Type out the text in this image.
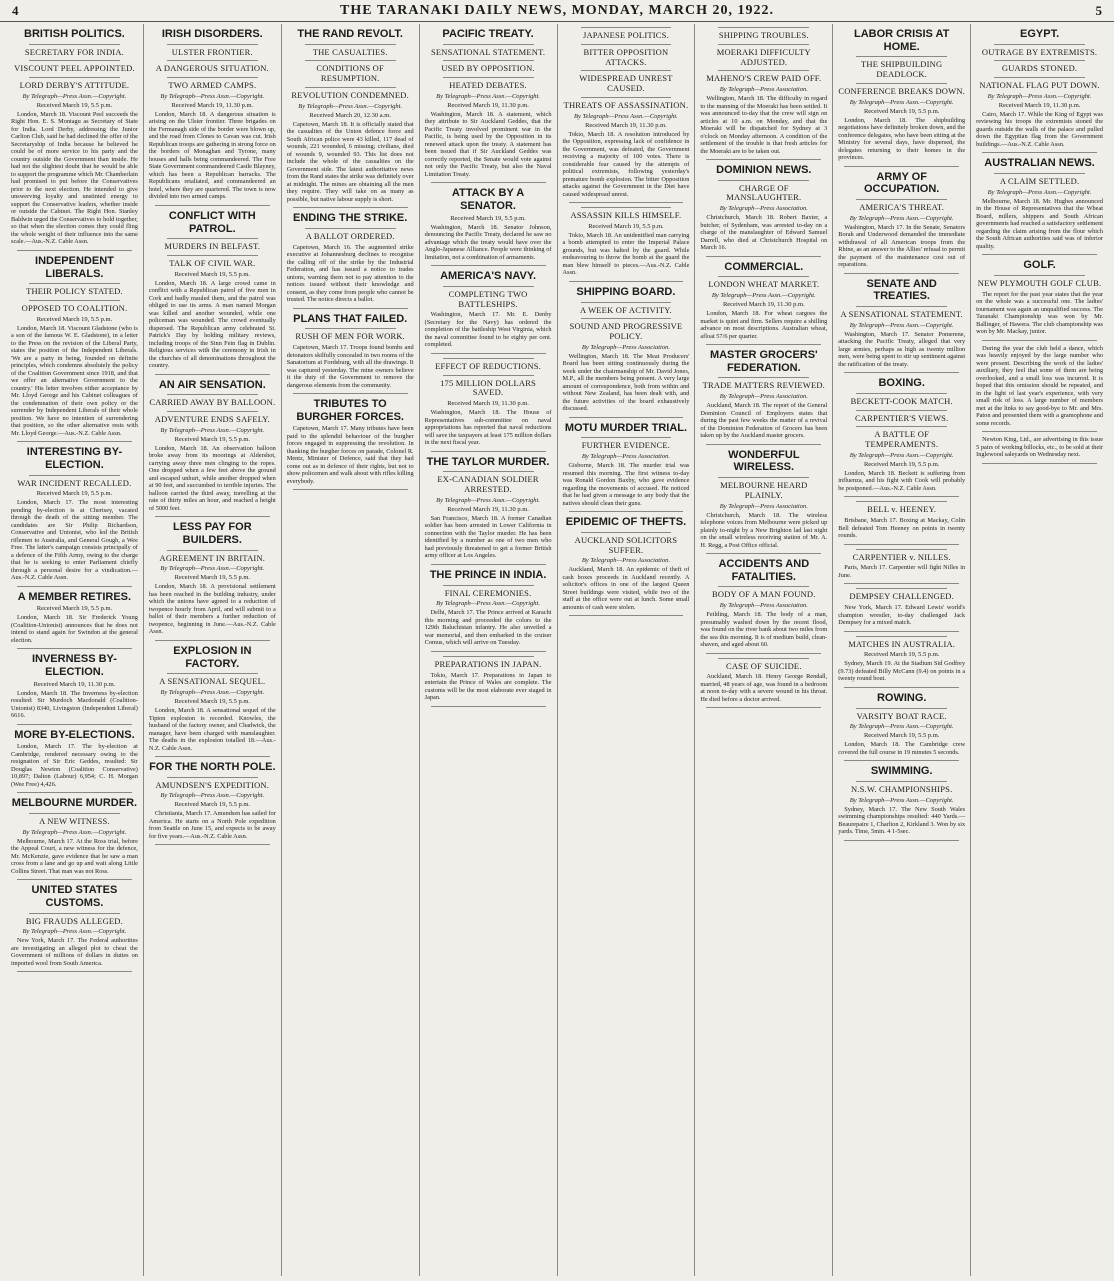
4	THE TARANAKI DAILY NEWS, MONDAY, MARCH 20, 1922.	5
BRITISH POLITICS.
SECRETARY FOR INDIA.
VISCOUNT PEEL APPOINTED.
LORD DERBY'S ATTITUDE.
By Telegraph—Press Assn.—Copyright.
Received March 19, 5.5 p.m.

London, March 18. Viscount Peel succeeds the Right Hon. E. S. Montagu as Secretary of State for India. Lord Derby, addressing the Junior Carlton Club, said he had declined the offer of the Secretaryship of India because he believed he could be of more service to his party and the country outside the Government than inside. He had not the slightest doubt that he would be able to support the programme which Mr. Chamberlain had promised to put before the Conservatives prior to the next election. He intended to give unswerving loyalty and unstinted energy to support the Conservative leaders, whether inside or outside the Cabinet. The Right Hon. Stanley Baldwin urged the Conservatives to hold together, so that when the election comes they could fling the whole weight of their influence into the same scale.—Aus.-N.Z. Cable Assn.

INDEPENDENT LIBERALS.
THEIR POLICY STATED.
OPPOSED TO COALITION.
Received March 19, 5.5 p.m.

London, March 18. Viscount Gladstone (who is a son of the famous W. E. Gladstone), in a letter to the Press on the revision of the Liberal Party, states the position of the Independent Liberals. 'We are a party in being, founded on definite principles, which condemns absolutely the policy of the Coalition Government since 1918, and that we offer an alternative Government to the country.' His letter involves either acceptance by Mr. Lloyd George and his Cabinet colleagues of the condemnation of their own policy or the surrender by Independent Liberals of their whole position. We have no intention of surrendering that position, so the other alternative rests with Mr. Lloyd George.—Aus.-N.Z. Cable Assn.

INTERESTING BY-ELECTION.
WAR INCIDENT RECALLED.
Received March 19, 5.5 p.m.

London, March 17. The most interesting pending by-election is at Chertsey, vacated through the death of the sitting member. The candidates are Sir Philip Richardson, Conservative and Unionist, who led the British riflemen to Australia, and General Gough, a Wee Free. The latter's campaign consists principally of a defence of the Fifth Army, owing to the charge that he is seeking to enter Parliament chiefly through a personal desire for a vindication.—Aus.-N.Z. Cable Assn.

A MEMBER RETIRES.
Received March 19, 5.5 p.m.

London, March 18. Sir Frederick Young (Coalition-Unionist) announces that he does not intend to stand again for Swindon at the general election.

INVERNESS BY-ELECTION.
Received March 19, 11.30 p.m.

London, March 18. The Inverness by-election resulted: Sir Murdoch Macdonald (Coalition-Unionist) 8340, Livingston (Independent Liberal) 6616.

MORE BY-ELECTIONS.

London, March 17. The by-election at Cambridge, rendered necessary owing to the resignation of Sir Eric Geddes, resulted: Sir Douglas Newton (Coalition Conservative) 10,897; Dalton (Labour) 6,954; C. H. Morgan (Wee Free) 4,426.

MELBOURNE MURDER.
A NEW WITNESS.
By Telegraph—Press Assn.—Copyright.

Melbourne, March 17. At the Ross trial, before the Appeal Court, a new witness for the defence, Mr. McKenzie, gave evidence that he saw a man cross from a lane and go up and wait along Little Collins Street. That man was not Ross.

UNITED STATES CUSTOMS.
BIG FRAUDS ALLEGED.
By Telegraph—Press Assn.—Copyright.

New York, March 17. The Federal authorities are investigating an alleged plot to cheat the Government of millions of dollars in duties on imported wool from South America.

IRISH DISORDERS.
ULSTER FRONTIER.
A DANGEROUS SITUATION.
TWO ARMED CAMPS.
By Telegraph—Press Assn.—Copyright.
Received March 19, 11.30 p.m.

London, March 18. A dangerous situation is arising on the Ulster frontier. Three brigades on the Fermanagh side of the border were blown up, and the road from Clones to Cavan was cut. Irish Republican troops are gathering in strong force on the borders of Monaghan and Tyrone, many houses and halls being commandeered. The Free State Government commandeered Castle Blayney, which has been a Republican barracks. The Republicans retaliated, and commandeered an hotel, where they are quartered. The town is now divided into two armed camps.

CONFLICT WITH PATROL.
MURDERS IN BELFAST.
TALK OF CIVIL WAR.
Received March 19, 5.5 p.m.

London, March 18. A large crowd came in conflict with a Republican patrol of five men in Cork and badly mauled them, and the patrol was obliged to use its arms. A man named Morgan was killed and another wounded, while one policeman was wounded. The crowd eventually dispersed. The Republican army celebrated St. Patrick's Day by holding military reviews, including troops of the Sinn Fein flag in Dublin. Religious services with the ceremony in Irish in the churches of all denominations throughout the country.

AN AIR SENSATION.
CARRIED AWAY BY BALLOON.
ADVENTURE ENDS SAFELY.
By Telegraph—Press Assn.—Copyright.
Received March 19, 5.5 p.m.

London, March 18. An observation balloon broke away from its moorings at Aldershot, carrying away three men clinging to the ropes. One dropped when a few feet above the ground and escaped unhurt, while another dropped when at 90 feet, and succumbed to terrible injuries. The balloon carried the third away, travelling at the rate of thirty miles an hour, and reached a height of 5000 feet.

LESS PAY FOR BUILDERS.
AGREEMENT IN BRITAIN.
By Telegraph—Press Assn.—Copyright.
Received March 19, 5.5 p.m.

London, March 18. A provisional settlement has been reached in the building industry, under which the unions have agreed to a reduction of twopence hourly from April, and will submit to a ballot of their members a further reduction of twopence, beginning in June.—Aus.-N.Z. Cable Assn.

EXPLOSION IN FACTORY.
A SENSATIONAL SEQUEL.
By Telegraph—Press Assn.—Copyright.
Received March 19, 5.5 p.m.

London, March 18. A sensational sequel of the Tipton explosion is recorded. Knowles, the husband of the factory owner, and Chadwick, the manager, have been charged with manslaughter. The deaths in the explosion totalled 18.—Aus.-N.Z. Cable Assn.

FOR THE NORTH POLE.
AMUNDSEN'S EXPEDITION.
By Telegraph—Press Assn.—Copyright.
Received March 19, 5.5 p.m.

Christiania, March 17. Amundsen has sailed for America. He starts on a North Pole expedition from Seattle on June 15, and expects to be away for five years.—Aus.-N.Z. Cable Assn.

THE RAND REVOLT.
THE CASUALTIES.
CONDITIONS OF RESUMPTION.
REVOLUTION CONDEMNED.
By Telegraph—Press Assn.—Copyright.
Received March 20, 12.30 a.m.

Capetown, March 18. It is officially stated that the casualties of the Union defence force and South African police were 43 killed, 117 dead of wounds, 221 wounded, 6 missing; civilians, died of wounds 9, wounded 93. This list does not include the whole of the casualties on the Government side. The latest authoritative news from the Rand states the strike was definitely over at midnight. The mines are obtaining all the men they require. They will take on as many as possible, but native labour supply is short.

ENDING THE STRIKE.
A BALLOT ORDERED.

Capetown, March 16. The augmented strike executive at Johannesburg declines to recognise the calling off of the strike by the Industrial Federation, and has issued a notice to trades unions, warning them not to pay attention to the notices issued without their knowledge and consent, as they come from people who cannot be trusted. The notice directs a ballot.

PLANS THAT FAILED.
RUSH OF MEN FOR WORK.

Capetown, March 17. Troops found bombs and detonators skilfully concealed in two rooms of the Sanatorium at Fordsburg, with all the drawings. It was captured yesterday. The mine owners believe it the duty of the Government to remove the dangerous elements from the community.

TRIBUTES TO BURGHER FORCES.

Capetown, March 17. Many tributes have been paid to the splendid behaviour of the burgher forces engaged in suppressing the revolution. In thanking the burgher forces on parade, Colonel R. Mentz, Minister of Defence, said that they had come out as in defence of their rights, but not to show policemen and walk about with rifles killing everybody.

PACIFIC TREATY.
SENSATIONAL STATEMENT.
USED BY OPPOSITION.
HEATED DEBATES.
By Telegraph—Press Assn.—Copyright.
Received March 19, 11.30 p.m.

Washington, March 18. A statement, which they attribute to Sir Auckland Geddes, that the Pacific Treaty involved prominent war in the Pacific, is being used by the Opposition in its renewed attack upon the treaty. A statement has been issued that if Sir Auckland Geddes was correctly reported, the Senate would vote against not only the Pacific Treaty, but also the Naval Limitation Treaty.

ATTACK BY A SENATOR.
Received March 19, 5.5 p.m.

Washington, March 18. Senator Johnson, denouncing the Pacific Treaty, declared he saw no advantage which the treaty would have over the Anglo-Japanese Alliance. People were thinking of limitation, not a combination of armaments.

AMERICA'S NAVY.
COMPLETING TWO BATTLESHIPS.

Washington, March 17. Mr. E. Denby (Secretary for the Navy) has ordered the completion of the battleship West Virginia, which the naval committee found to be eighty per cent. completed.

EFFECT OF REDUCTIONS.
175 MILLION DOLLARS SAVED.
Received March 19, 11.30 p.m.

Washington, March 18. The House of Representatives sub-committee on naval appropriations has reported that naval reductions will save the taxpayers at least 175 million dollars in the next fiscal year.

THE TAYLOR MURDER.
EX-CANADIAN SOLDIER ARRESTED.
By Telegraph—Press Assn.—Copyright.
Received March 19, 11.30 p.m.

San Francisco, March 18. A former Canadian soldier has been arrested in Lower California in connection with the Taylor murder. He has been identified by a number as one of two men who had previously threatened to get a former British army officer at Los Angeles.

THE PRINCE IN INDIA.
FINAL CEREMONIES.
By Telegraph—Press Assn.—Copyright.

Delhi, March 17. The Prince arrived at Karachi this morning and proceeded the colors to the 129th Baluchistan infantry. He also unveiled a war memorial, and then embarked in the cruiser Comus, which will arrive on Tuesday.

PREPARATIONS IN JAPAN.

Tokio, March 17. Preparations in Japan to entertain the Prince of Wales are complete. The customs will be the most elaborate ever staged in Japan.

JAPANESE POLITICS.
BITTER OPPOSITION ATTACKS.
WIDESPREAD UNREST CAUSED.
THREATS OF ASSASSINATION.
By Telegraph—Press Assn.—Copyright.
Received March 19, 11.30 p.m.

Tokio, March 18. A resolution introduced by the Opposition, expressing lack of confidence in the Government, was defeated, the Government receiving a majority of 100 votes. There is considerable fear caused by the attempts of political extremists, following yesterday's premature bomb explosion. The bitter Opposition attacks against the Government in the Diet have caused widespread unrest.

ASSASSIN KILLS HIMSELF.
Received March 19, 5.5 p.m.

Tokio, March 18. An unidentified man carrying a bomb attempted to enter the Imperial Palace grounds, but was halted by the guard. While endeavouring to throw the bomb at the guard the man blew himself to pieces.—Aus.-N.Z. Cable Assn.

SHIPPING BOARD.
A WEEK OF ACTIVITY.
SOUND AND PROGRESSIVE POLICY.
By Telegraph—Press Association.

Wellington, March 18. The Meat Producers' Board has been sitting continuously during the week under the chairmanship of Mr. David Jones, M.P., all the members being present. A very large amount of correspondence, both from within and without New Zealand, has been dealt with, and the future activities of the board exhaustively discussed.

MOTU MURDER TRIAL.
FURTHER EVIDENCE.
By Telegraph—Press Association.

Gisborne, March 18. The murder trial was resumed this morning. The first witness to-day was Ronald Gordon Baxby, who gave evidence regarding the movements of accused. He noticed that he had given a message to any body that the natives should clean their guns.

EPIDEMIC OF THEFTS.
AUCKLAND SOLICITORS SUFFER.
By Telegraph—Press Association.

Auckland, March 18. An epidemic of theft of cash boxes proceeds in Auckland recently. A solicitor's offices in one of the largest Queen Street buildings were visited, while two of the staff at the office were out at lunch. Some small amounts of cash were stolen.

SHIPPING TROUBLES.
MOERAKI DIFFICULTY ADJUSTED.
MAHENO'S CREW PAID OFF.
By Telegraph—Press Association.

Wellington, March 18. The difficulty in regard to the manning of the Moeraki has been settled. It was announced to-day that the crew will sign on articles at 10 a.m. on Monday, and that the Moeraki will be dispatched for Sydney at 3 o'clock on Monday afternoon. A condition of the settlement of the trouble is that fresh articles for the Moeraki are to be taken out.

DOMINION NEWS.
CHARGE OF MANSLAUGHTER.
By Telegraph—Press Association.

Christchurch, March 18. Robert Baxter, a butcher, of Sydenham, was arrested to-day on a charge of the manslaughter of Edward Samuel Darrell, who died at Christchurch Hospital on March 16.

COMMERCIAL.
LONDON WHEAT MARKET.
By Telegraph—Press Assn.—Copyright.
Received March 19, 11.30 p.m.

London, March 18. For wheat cargoes the market is quiet and firm. Sellers require a shilling advance on most descriptions. Australian wheat, afloat 57/6 per quarter.

MASTER GROCERS' FEDERATION.
TRADE MATTERS REVIEWED.
By Telegraph—Press Association.

Auckland, March 18. The report of the General Dominion Council of Employers states that during the past few weeks the matter of a revival of the Dominion Federation of Grocers has been taken up by the Auckland master grocers.

WONDERFUL WIRELESS.
MELBOURNE HEARD PLAINLY.
By Telegraph—Press Association.

Christchurch, March 18. The wireless telephone voices from Melbourne were picked up plainly to-night by a New Brighton lad last night on the small wireless receiving station of Mr. A. H. Regg, a Post Office official.

ACCIDENTS AND FATALITIES.
BODY OF A MAN FOUND.
By Telegraph—Press Association.

Feilding, March 18. The body of a man, presumably washed down by the recent flood, was found on the river bank about two miles from the sea this morning. It is of medium build, clean-shaven, and aged about 60.

CASE OF SUICIDE.

Auckland, March 18. Henry George Rendall, married, 48 years of age, was found in a bedroom at noon to-day with a severe wound in his throat. He died before a doctor arrived.

LABOR CRISIS AT HOME.
THE SHIPBUILDING DEADLOCK.
CONFERENCE BREAKS DOWN.
By Telegraph—Press Assn.—Copyright.
Received March 19, 5.5 p.m.

London, March 18. The shipbuilding negotiations have definitely broken down, and the conference delegates, who have been sitting at the Ministry for several days, have dispersed, the delegates returning to their homes in the provinces.

ARMY OF OCCUPATION.
AMERICA'S THREAT.
By Telegraph—Press Assn.—Copyright.

Washington, March 17. In the Senate, Senators Borah and Underwood demanded the immediate withdrawal of all American troops from the Rhine, as an answer to the Allies' refusal to permit the payment of the maintenance cost out of reparations.

SENATE AND TREATIES.
A SENSATIONAL STATEMENT.
By Telegraph—Press Assn.—Copyright.

Washington, March 17. Senator Pomerene, attacking the Pacific Treaty, alleged that very large armies, perhaps as high as twenty million men, were being spent to stir up sentiment against the ratification of the treaty.

BOXING.
BECKETT-COOK MATCH.
CARPENTIER'S VIEWS.
A BATTLE OF TEMPERAMENTS.
By Telegraph—Press Assn.—Copyright.
Received March 19, 5.5 p.m.

London, March 18. Beckett is suffering from influenza, and his fight with Cook will probably be postponed.—Aus.-N.Z. Cable Assn.

BELL v. HEENEY.

Brisbane, March 17. Boxing at Mackay, Colin Bell defeated Tom Heeney on points in twenty rounds.

CARPENTIER v. NILLES.

Paris, March 17. Carpentier will fight Nilles in June.

DEMPSEY CHALLENGED.

New York, March 17. Edward Lewis' world's champion wrestler, to-day challenged Jack Dempsey for a mixed match.

MATCHES IN AUSTRALIA.
Received March 19, 5.5 p.m.

Sydney, March 19. At the Stadium Sid Godfrey (9.73) defeated Billy McCann (9.4) on points in a twenty round bout.

ROWING.
VARSITY BOAT RACE.
By Telegraph—Press Assn.—Copyright.
Received March 19, 5.5 p.m.

London, March 18. The Cambridge crew covered the full course in 19 minutes 5 seconds.

SWIMMING.
N.S.W. CHAMPIONSHIPS.
By Telegraph—Press Assn.—Copyright.

Sydney, March 17. The New South Wales swimming championships resulted: 440 Yards.—Beaurepaire 1, Charlton 2, Kirkland 3. Won by six yards. Time, 5min. 4 1-5sec.

EGYPT.
OUTRAGE BY EXTREMISTS.
GUARDS STONED.
NATIONAL FLAG PUT DOWN.
By Telegraph—Press Assn.—Copyright.
Received March 19, 11.30 p.m.

Cairo, March 17. While the King of Egypt was reviewing his troops the extremists stoned the guards outside the walls of the palace and pulled down the Egyptian flag from the Government buildings.—Aus.-N.Z. Cable Assn.

AUSTRALIAN NEWS.
A CLAIM SETTLED.
By Telegraph—Press Assn.—Copyright.

Melbourne, March 18. Mr. Hughes announced in the House of Representatives that the Wheat Board, millers, shippers and South African governments had reached a satisfactory settlement regarding the claim arising from the flour which the South African authorities said was of inferior quality.

GOLF.
NEW PLYMOUTH GOLF CLUB.

The report for the past year states that the year on the whole was a successful one. The ladies' tournament was again an unqualified success. The Taranaki Championship was won by Mr. Ballinger, of Hawera. The club championship was won by Mr. Mackay, junior.

During the year the club held a dance, which was heavily enjoyed by the large number who were present. Describing the work of the ladies' auxiliary, they feel that some of them are being overlooked, and a small loss was incurred. It is hoped that this omission should be repeated, and in the light of last year's experience, with very small risk of loss. A large number of members met at the links to say good-bye to Mr. and Mrs. Paton and presented them with a gramophone and some records.

Newton King, Ltd., are advertising in this issue 5 pairs of working billocks, etc., to be sold at their Inglewood saleyards on Wednesday next.
